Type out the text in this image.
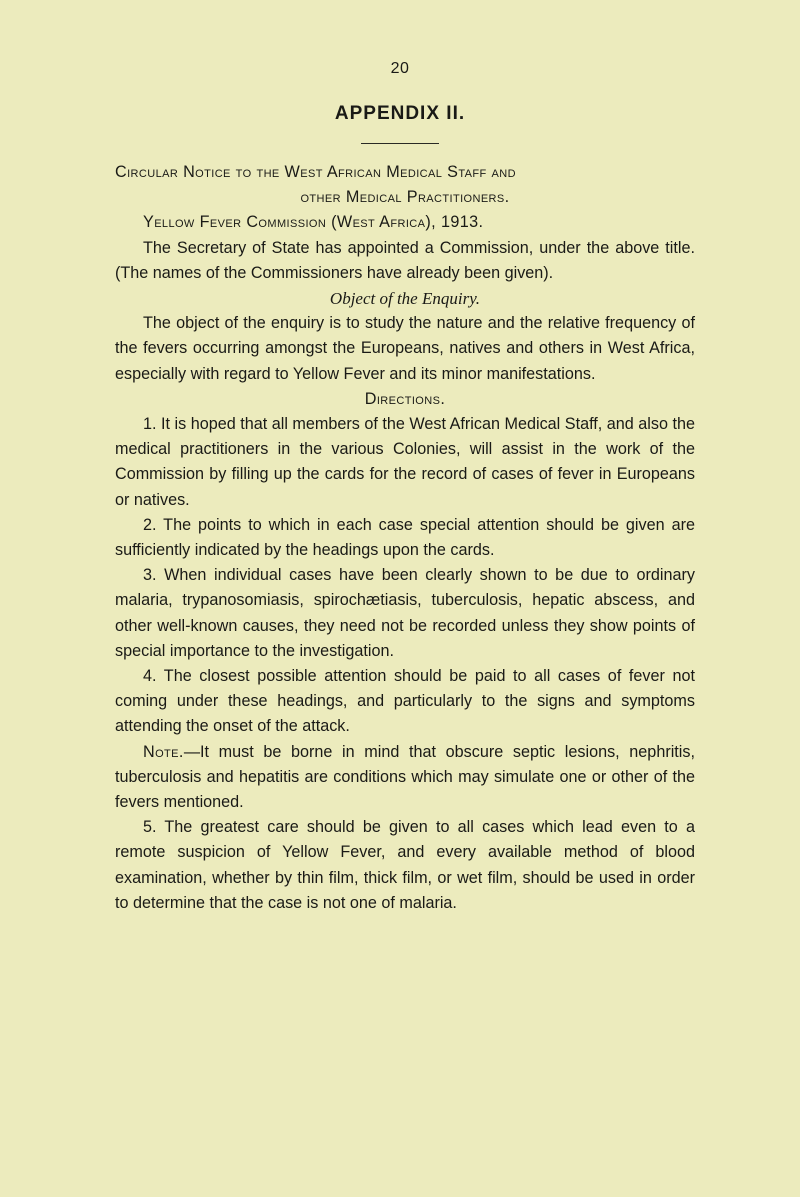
20
APPENDIX II.

Circular Notice to the West African Medical Staff and

other Medical Practitioners.

Yellow Fever Commission (West Africa), 1913.

The Secretary of State has appointed a Commission, under the above title. (The names of the Commissioners have already been given).

Object of the Enquiry.

The object of the enquiry is to study the nature and the relative frequency of the fevers occurring amongst the Europeans, natives and others in West Africa, especially with regard to Yellow Fever and its minor manifestations.

Directions.

1. It is hoped that all members of the West African Medical Staff, and also the medical practitioners in the various Colonies, will assist in the work of the Commission by filling up the cards for the record of cases of fever in Europeans or natives.

2. The points to which in each case special attention should be given are sufficiently indicated by the headings upon the cards.

3. When individual cases have been clearly shown to be due to ordinary malaria, trypanosomiasis, spirochætiasis, tuberculosis, hepatic abscess, and other well-known causes, they need not be recorded unless they show points of special importance to the investigation.

4. The closest possible attention should be paid to all cases of fever not coming under these headings, and particularly to the signs and symptoms attending the onset of the attack.

Note.—It must be borne in mind that obscure septic lesions, nephritis, tuberculosis and hepatitis are conditions which may simulate one or other of the fevers mentioned.

5. The greatest care should be given to all cases which lead even to a remote suspicion of Yellow Fever, and every available method of blood examination, whether by thin film, thick film, or wet film, should be used in order to determine that the case is not one of malaria.
